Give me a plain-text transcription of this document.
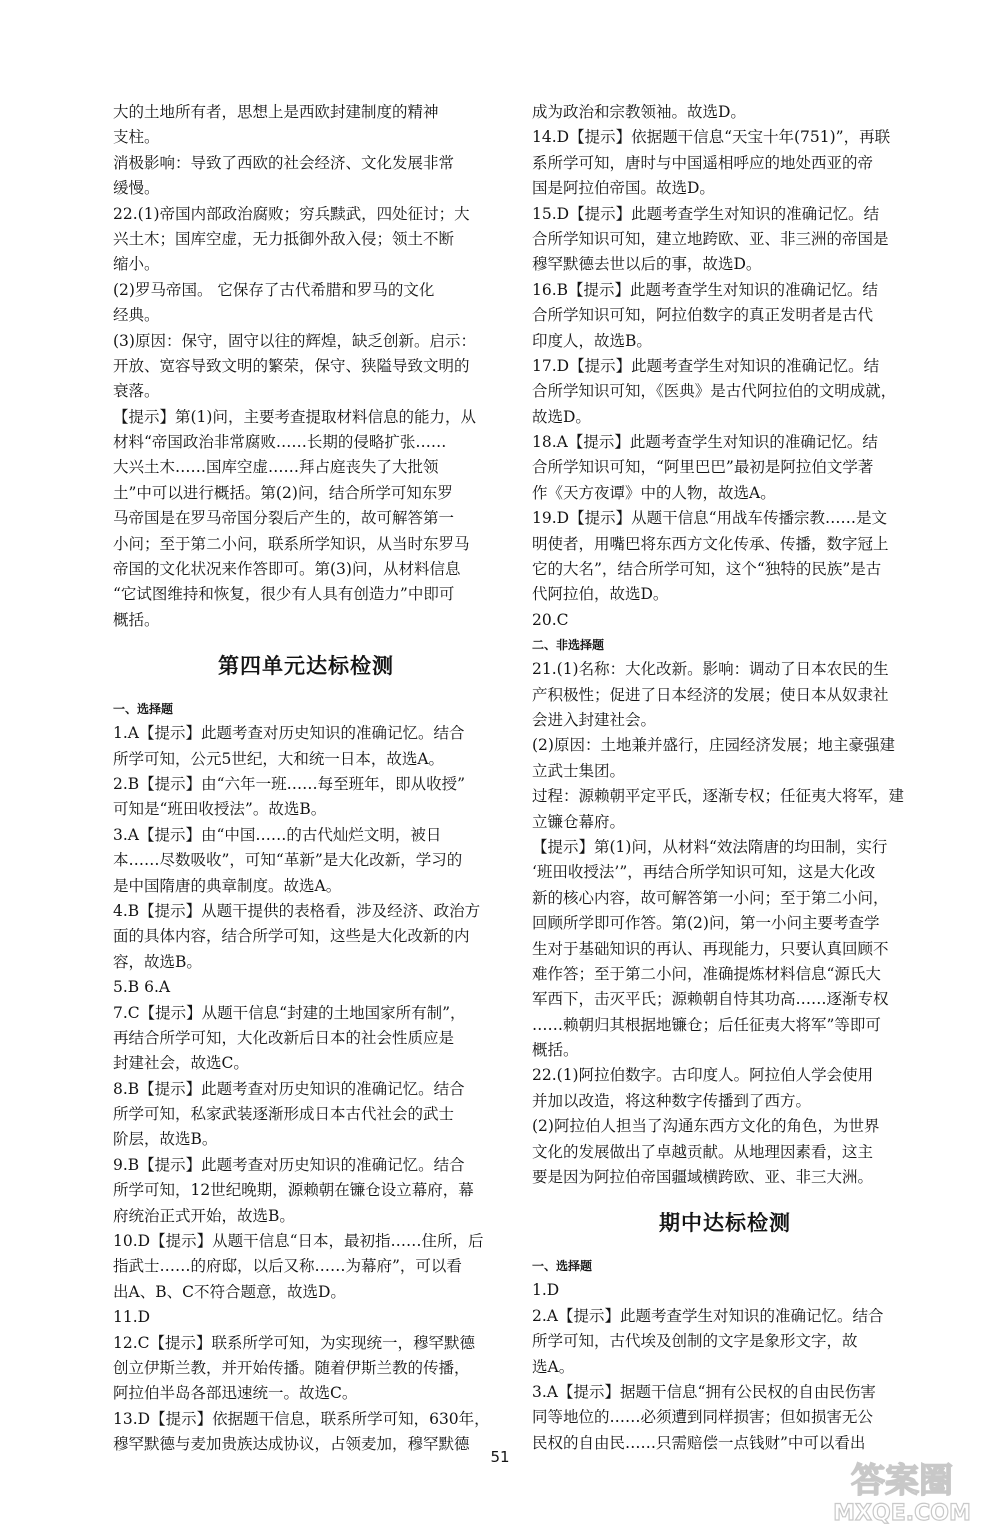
大的土地所有者，思想上是西欧封建制度的精神
支柱。
消极影响：导致了西欧的社会经济、文化发展非常
缓慢。
22.(1)帝国内部政治腐败；穷兵黩武，四处征讨；大
兴土木；国库空虚，无力抵御外敌入侵；领土不断
缩小。
(2)罗马帝国。 它保存了古代希腊和罗马的文化
经典。
(3)原因：保守，固守以往的辉煌，缺乏创新。启示：
开放、宽容导致文明的繁荣，保守、狭隘导致文明的
衰落。
【提示】第(1)问，主要考查提取材料信息的能力，从
材料“帝国政治非常腐败……长期的侵略扩张……
大兴土木……国库空虚……拜占庭丧失了大批领
土”中可以进行概括。第(2)问，结合所学可知东罗
马帝国是在罗马帝国分裂后产生的，故可解答第一
小问；至于第二小问，联系所学知识，从当时东罗马
帝国的文化状况来作答即可。第(3)问，从材料信息
“它试图维持和恢复，很少有人具有创造力”中即可
概括。
第四单元达标检测
一、选择题
1.A【提示】此题考查对历史知识的准确记忆。结合
所学可知，公元5世纪，大和统一日本，故选A。
2.B【提示】由“六年一班……每至班年，即从收授”
可知是“班田收授法”。故选B。
3.A【提示】由“中国……的古代灿烂文明，被日
本……尽数吸收”，可知“革新”是大化改新，学习的
是中国隋唐的典章制度。故选A。
4.B【提示】从题干提供的表格看，涉及经济、政治方
面的具体内容，结合所学可知，这些是大化改新的内
容，故选B。
5.B 6.A
7.C【提示】从题干信息“封建的土地国家所有制”，
再结合所学可知，大化改新后日本的社会性质应是
封建社会，故选C。
8.B【提示】此题考查对历史知识的准确记忆。结合
所学可知，私家武装逐渐形成日本古代社会的武士
阶层，故选B。
9.B【提示】此题考查对历史知识的准确记忆。结合
所学可知，12世纪晚期，源赖朝在镰仓设立幕府，幕
府统治正式开始，故选B。
10.D【提示】从题干信息“日本，最初指……住所，后
指武士……的府邸，以后又称……为幕府”，可以看
出A、B、C不符合题意，故选D。
11.D
12.C【提示】联系所学可知，为实现统一，穆罕默德
创立伊斯兰教，并开始传播。随着伊斯兰教的传播，
阿拉伯半岛各部迅速统一。故选C。
13.D【提示】依据题干信息，联系所学可知，630年，
穆罕默德与麦加贵族达成协议，占领麦加，穆罕默德
成为政治和宗教领袖。故选D。
14.D【提示】依据题干信息“天宝十年(751)”，再联
系所学可知，唐时与中国遥相呼应的地处西亚的帝
国是阿拉伯帝国。故选D。
15.D【提示】此题考查学生对知识的准确记忆。结
合所学知识可知，建立地跨欧、亚、非三洲的帝国是
穆罕默德去世以后的事，故选D。
16.B【提示】此题考查学生对知识的准确记忆。结
合所学知识可知，阿拉伯数字的真正发明者是古代
印度人，故选B。
17.D【提示】此题考查学生对知识的准确记忆。结
合所学知识可知，《医典》是古代阿拉伯的文明成就，
故选D。
18.A【提示】此题考查学生对知识的准确记忆。结
合所学知识可知，“阿里巴巴”最初是阿拉伯文学著
作《天方夜谭》中的人物，故选A。
19.D【提示】从题干信息“用战车传播宗教……是文
明使者，用嘴巴将东西方文化传承、传播，数字冠上
它的大名”，结合所学可知，这个“独特的民族”是古
代阿拉伯，故选D。
20.C
二、非选择题
21.(1)名称：大化改新。影响：调动了日本农民的生
产积极性；促进了日本经济的发展；使日本从奴隶社
会进入封建社会。
(2)原因：土地兼并盛行，庄园经济发展；地主豪强建
立武士集团。
过程：源赖朝平定平氏，逐渐专权；任征夷大将军，建
立镰仓幕府。
【提示】第(1)问，从材料“效法隋唐的均田制，实行
‘班田收授法’”，再结合所学知识可知，这是大化改
新的核心内容，故可解答第一小问；至于第二小问，
回顾所学即可作答。第(2)问，第一小问主要考查学
生对于基础知识的再认、再现能力，只要认真回顾不
难作答；至于第二小问，准确提炼材料信息“源氏大
军西下，击灭平氏；源赖朝自恃其功高……逐渐专权
……赖朝归其根据地镰仓；后任征夷大将军”等即可
概括。
22.(1)阿拉伯数字。古印度人。阿拉伯人学会使用
并加以改造，将这种数字传播到了西方。
(2)阿拉伯人担当了沟通东西方文化的角色，为世界
文化的发展做出了卓越贡献。从地理因素看，这主
要是因为阿拉伯帝国疆域横跨欧、亚、非三大洲。
期中达标检测
一、选择题
1.D
2.A【提示】此题考查学生对知识的准确记忆。结合
所学可知，古代埃及创制的文字是象形文字，故
选A。
3.A【提示】据题干信息“拥有公民权的自由民伤害
同等地位的……必须遭到同样损害；但如损害无公
民权的自由民……只需赔偿一点钱财”中可以看出
51
答案圈
MXQE.COM
